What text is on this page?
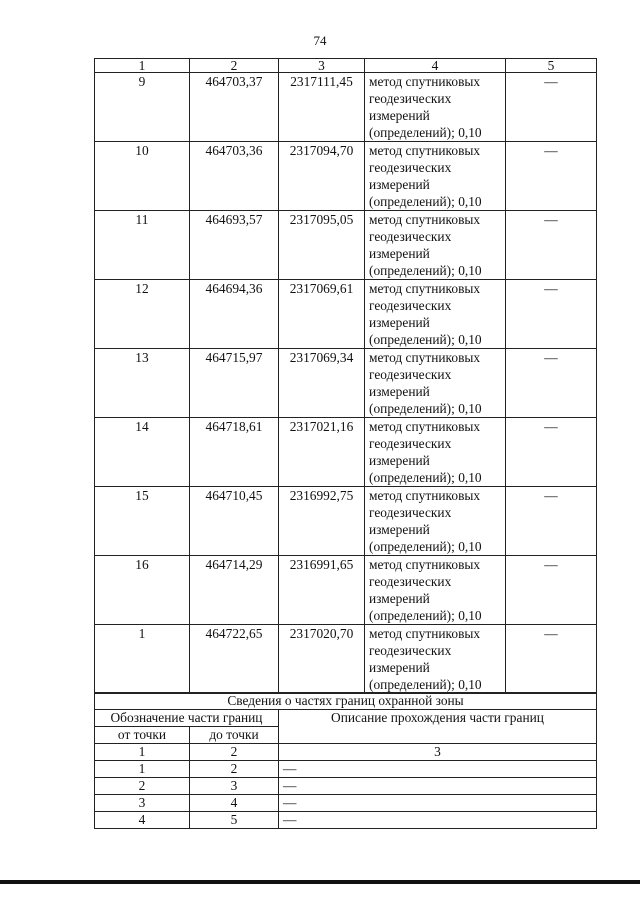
74
1	2	3	4	5
9	464703,37	2317111,45	метод спутниковых геодезических измерений (определений); 0,10	—
10	464703,36	2317094,70	метод спутниковых геодезических измерений (определений); 0,10	—
11	464693,57	2317095,05	метод спутниковых геодезических измерений (определений); 0,10	—
12	464694,36	2317069,61	метод спутниковых геодезических измерений (определений); 0,10	—
13	464715,97	2317069,34	метод спутниковых геодезических измерений (определений); 0,10	—
14	464718,61	2317021,16	метод спутниковых геодезических измерений (определений); 0,10	—
15	464710,45	2316992,75	метод спутниковых геодезических измерений (определений); 0,10	—
16	464714,29	2316991,65	метод спутниковых геодезических измерений (определений); 0,10	—
1	464722,65	2317020,70	метод спутниковых геодезических измерений (определений); 0,10	—
Сведения о частях границ охранной зоны		
Обозначение части границ		Описание прохождения части границ
от точки	до точки	
1	2	3
1	2	—
2	3	—
3	4	—
4	5	—
